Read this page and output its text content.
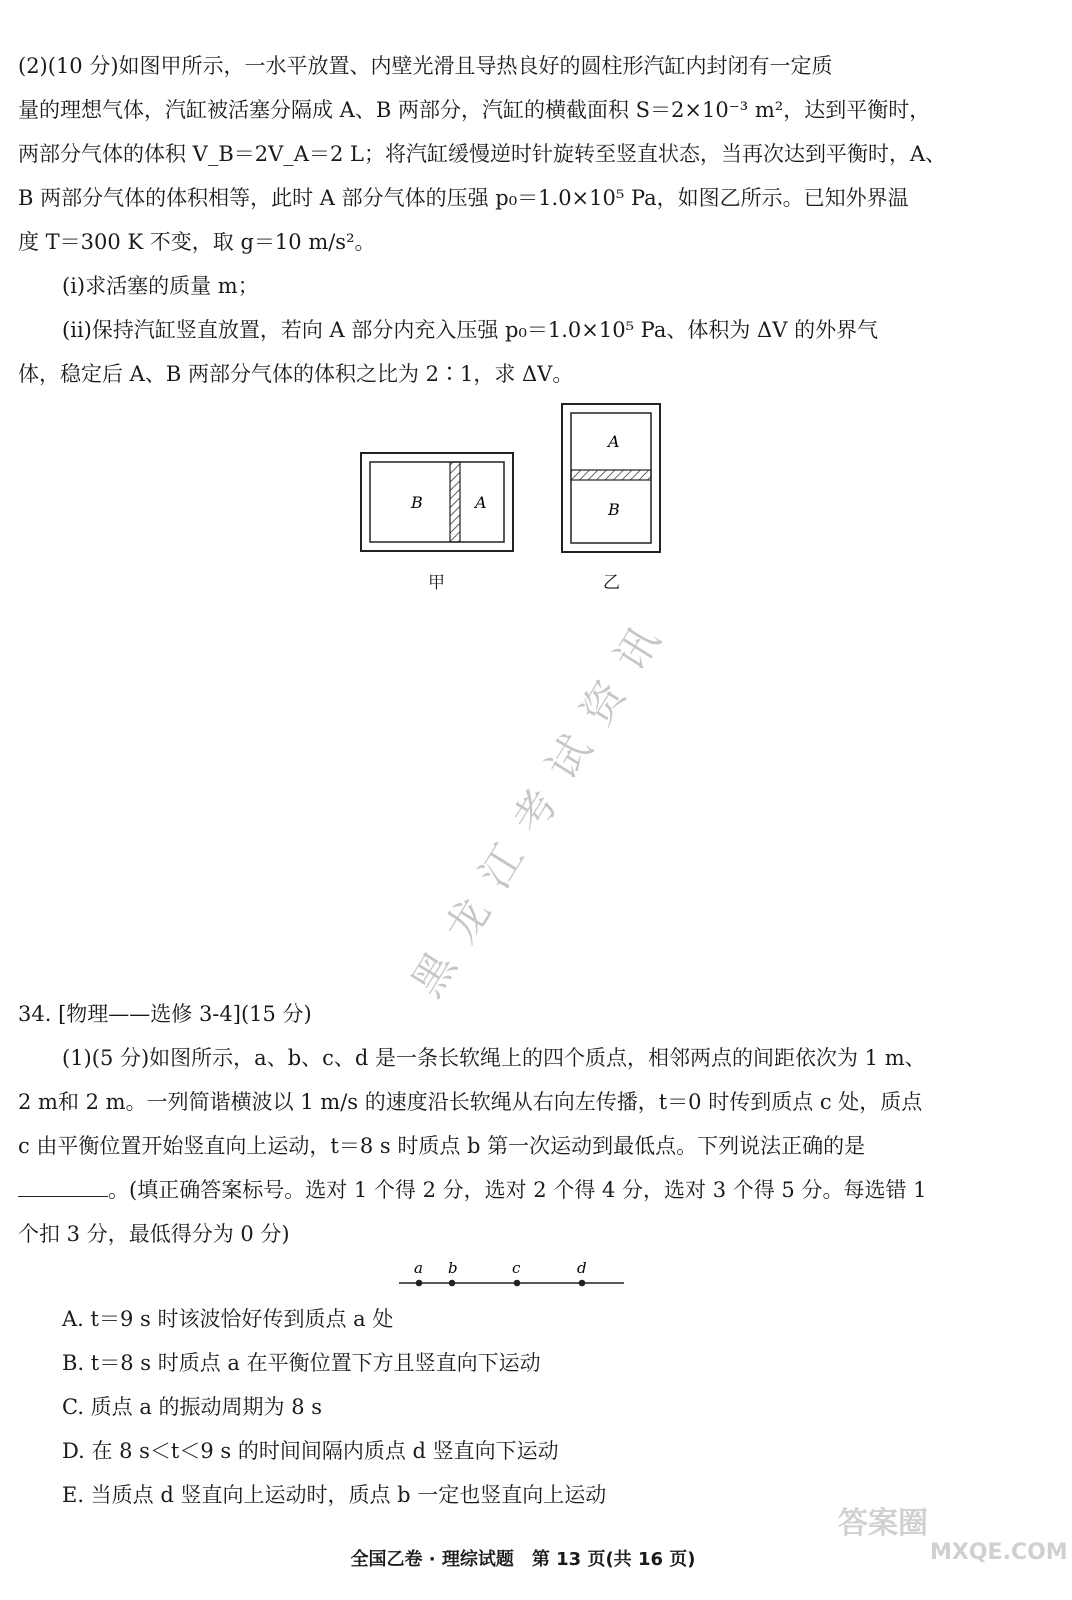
(2)(10 分)如图甲所示，一水平放置、内壁光滑且导热良好的圆柱形汽缸内封闭有一定质
量的理想气体，汽缸被活塞分隔成 A、B 两部分，汽缸的横截面积 S＝2×10⁻³ m²，达到平衡时，
两部分气体的体积 V_B＝2V_A＝2 L；将汽缸缓慢逆时针旋转至竖直状态，当再次达到平衡时，A、
B 两部分气体的体积相等，此时 A 部分气体的压强 p₀＝1.0×10⁵ Pa，如图乙所示。已知外界温
度 T＝300 K 不变，取 g＝10 m/s²。
(ⅰ)求活塞的质量 m；
(ⅱ)保持汽缸竖直放置，若向 A 部分内充入压强 p₀＝1.0×10⁵ Pa、体积为 ΔV 的外界气
体，稳定后 A、B 两部分气体的体积之比为 2∶1，求 ΔV。
B	A
A
B
甲	乙
黑龙江考试资讯
34. [物理——选修 3-4](15 分)
(1)(5 分)如图所示，a、b、c、d 是一条长软绳上的四个质点，相邻两点的间距依次为 1 m、
2 m和 2 m。一列简谐横波以 1 m/s 的速度沿长软绳从右向左传播，t＝0 时传到质点 c 处，质点
c 由平衡位置开始竖直向上运动，t＝8 s 时质点 b 第一次运动到最低点。下列说法正确的是
。(填正确答案标号。选对 1 个得 2 分，选对 2 个得 4 分，选对 3 个得 5 分。每选错 1
个扣 3 分，最低得分为 0 分)
a b	c	d
A. t＝9 s 时该波恰好传到质点 a 处
B. t＝8 s 时质点 a 在平衡位置下方且竖直向下运动
C. 质点 a 的振动周期为 8 s
D. 在 8 s＜t＜9 s 的时间间隔内质点 d 竖直向下运动
E. 当质点 d 竖直向上运动时，质点 b 一定也竖直向上运动
答案圈
MXQE.COM
全国乙卷 · 理综试题　第 13 页(共 16 页)
